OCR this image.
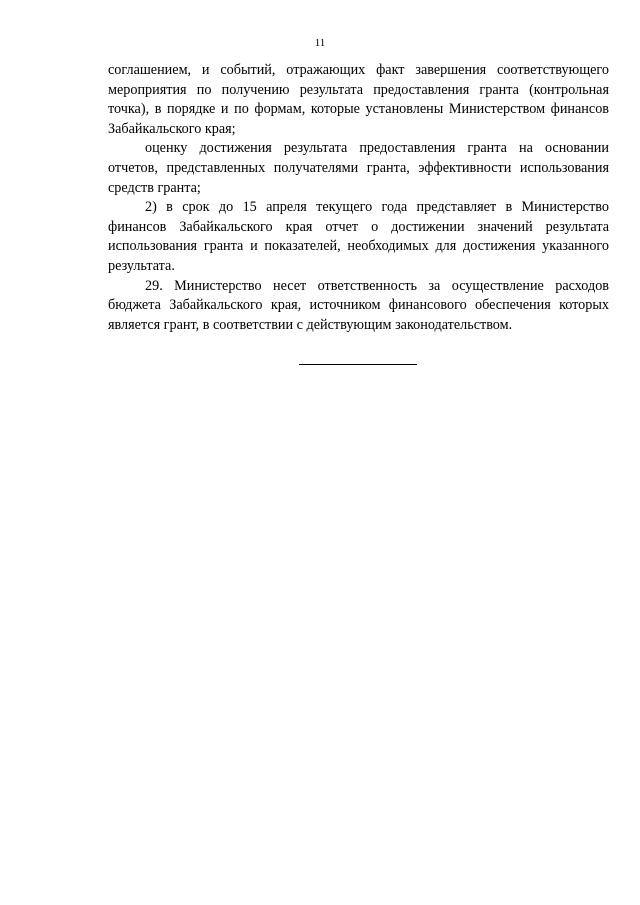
11

соглашением, и событий, отражающих факт завершения соответствующего мероприятия по получению результата предоставления гранта (контрольная точка), в порядке и по формам, которые установлены Министерством финансов Забайкальского края;

оценку достижения результата предоставления гранта на основании отчетов, представленных получателями гранта, эффективности использования средств гранта;

2) в срок до 15 апреля текущего года представляет в Министерство финансов Забайкальского края отчет о достижении значений результата использования гранта и показателей, необходимых для достижения указанного результата.

29. Министерство несет ответственность за осуществление расходов бюджета Забайкальского края, источником финансового обеспечения которых является грант, в соответствии с действующим законодательством.
